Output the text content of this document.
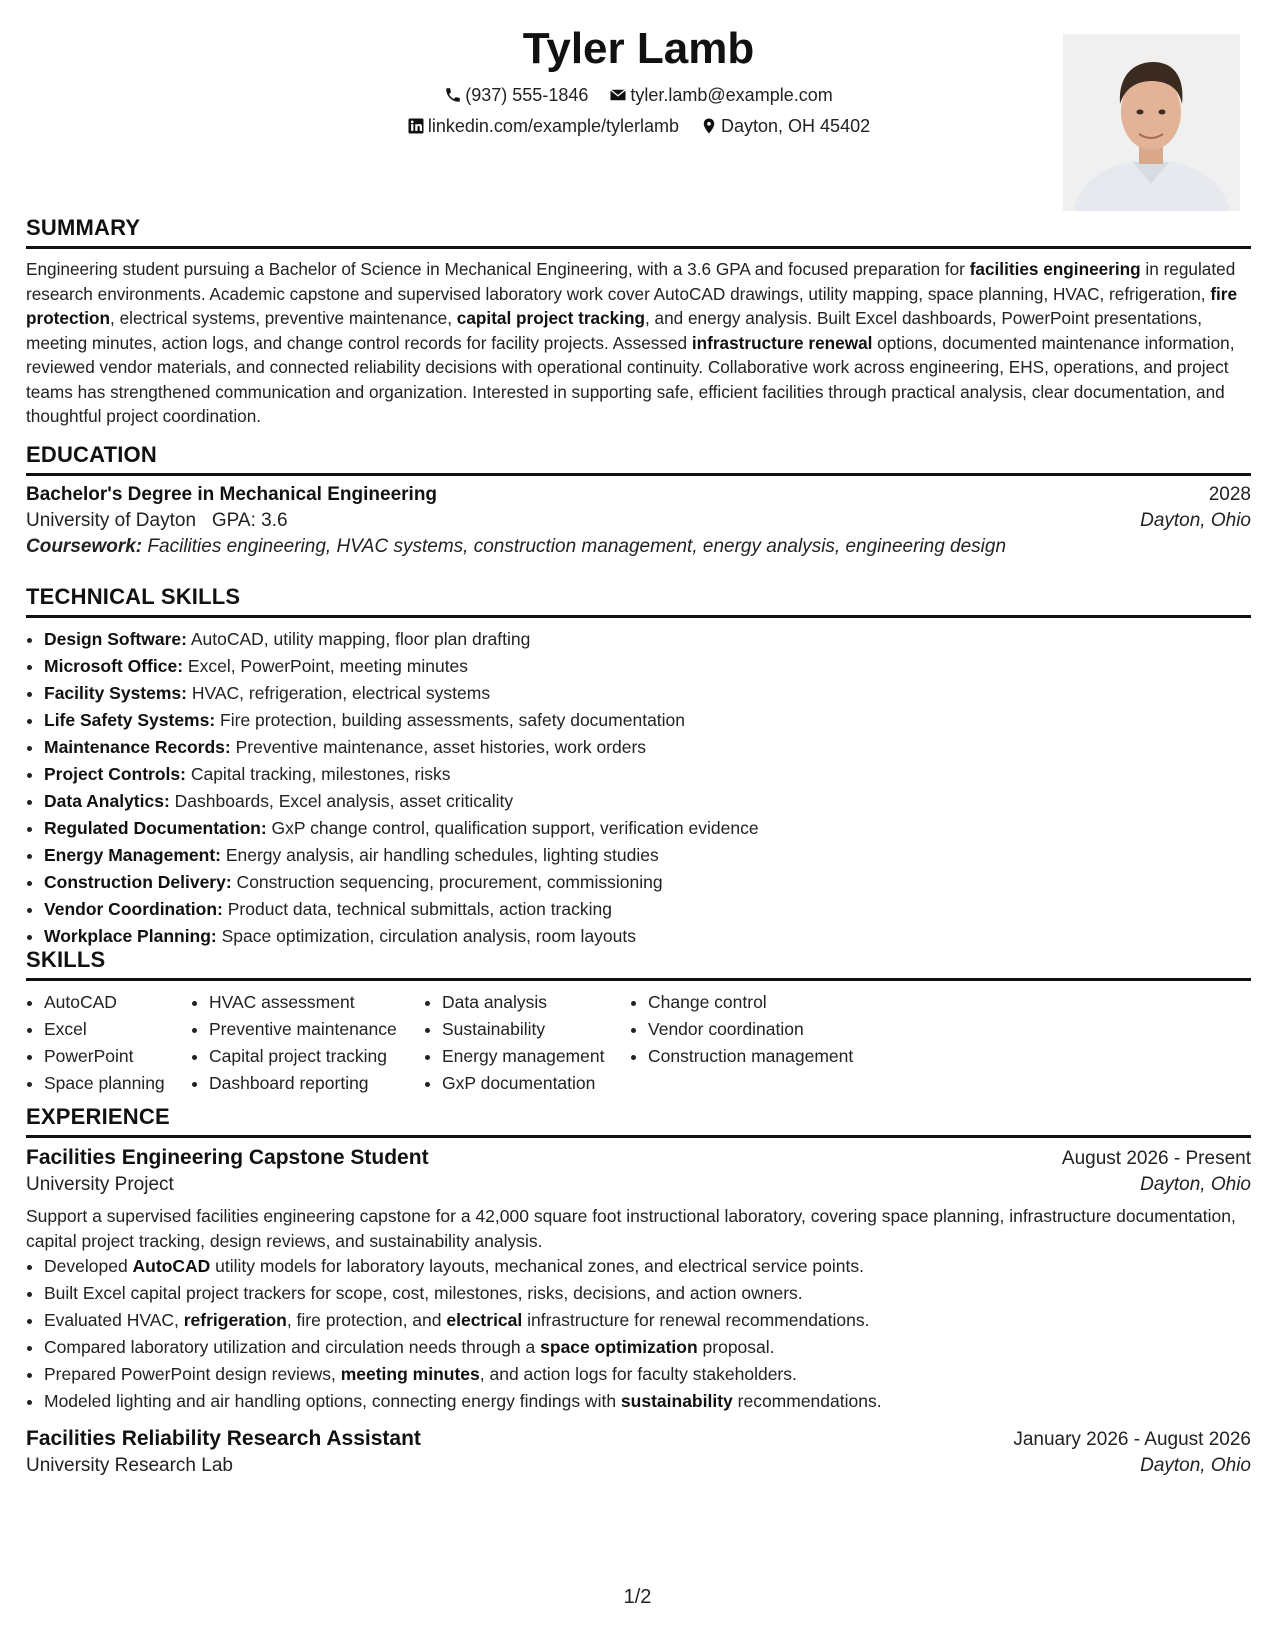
Tyler Lamb
(937) 555-1846 tyler.lamb@example.com
linkedin.com/example/tylerlamb Dayton, OH 45402
SUMMARY
Engineering student pursuing a Bachelor of Science in Mechanical Engineering, with a 3.6 GPA and focused preparation for facilities engineering in regulated research environments. Academic capstone and supervised laboratory work cover AutoCAD drawings, utility mapping, space planning, HVAC, refrigeration, fire protection, electrical systems, preventive maintenance, capital project tracking, and energy analysis. Built Excel dashboards, PowerPoint presentations, meeting minutes, action logs, and change control records for facility projects. Assessed infrastructure renewal options, documented maintenance information, reviewed vendor materials, and connected reliability decisions with operational continuity. Collaborative work across engineering, EHS, operations, and project teams has strengthened communication and organization. Interested in supporting safe, efficient facilities through practical analysis, clear documentation, and thoughtful project coordination.
EDUCATION
Bachelor's Degree in Mechanical Engineering	2028
University of Dayton GPA: 3.6	Dayton, Ohio
Coursework: Facilities engineering, HVAC systems, construction management, energy analysis, engineering design
TECHNICAL SKILLS
• Design Software: AutoCAD, utility mapping, floor plan drafting
• Microsoft Office: Excel, PowerPoint, meeting minutes
• Facility Systems: HVAC, refrigeration, electrical systems
• Life Safety Systems: Fire protection, building assessments, safety documentation
• Maintenance Records: Preventive maintenance, asset histories, work orders
• Project Controls: Capital tracking, milestones, risks
• Data Analytics: Dashboards, Excel analysis, asset criticality
• Regulated Documentation: GxP change control, qualification support, verification evidence
• Energy Management: Energy analysis, air handling schedules, lighting studies
• Construction Delivery: Construction sequencing, procurement, commissioning
• Vendor Coordination: Product data, technical submittals, action tracking
• Workplace Planning: Space optimization, circulation analysis, room layouts
SKILLS
• AutoCAD
• Excel
• PowerPoint
• Space planning
• HVAC assessment
• Preventive maintenance
• Capital project tracking
• Dashboard reporting
• Data analysis
• Sustainability
• Energy management
• GxP documentation
• Change control
• Vendor coordination
• Construction management
EXPERIENCE
Facilities Engineering Capstone Student	August 2026 - Present
University Project	Dayton, Ohio
Support a supervised facilities engineering capstone for a 42,000 square foot instructional laboratory, covering space planning, infrastructure documentation, capital project tracking, design reviews, and sustainability analysis.
• Developed AutoCAD utility models for laboratory layouts, mechanical zones, and electrical service points.
• Built Excel capital project trackers for scope, cost, milestones, risks, decisions, and action owners.
• Evaluated HVAC, refrigeration, fire protection, and electrical infrastructure for renewal recommendations.
• Compared laboratory utilization and circulation needs through a space optimization proposal.
• Prepared PowerPoint design reviews, meeting minutes, and action logs for faculty stakeholders.
• Modeled lighting and air handling options, connecting energy findings with sustainability recommendations.
Facilities Reliability Research Assistant	January 2026 - August 2026
University Research Lab	Dayton, Ohio
1/2
